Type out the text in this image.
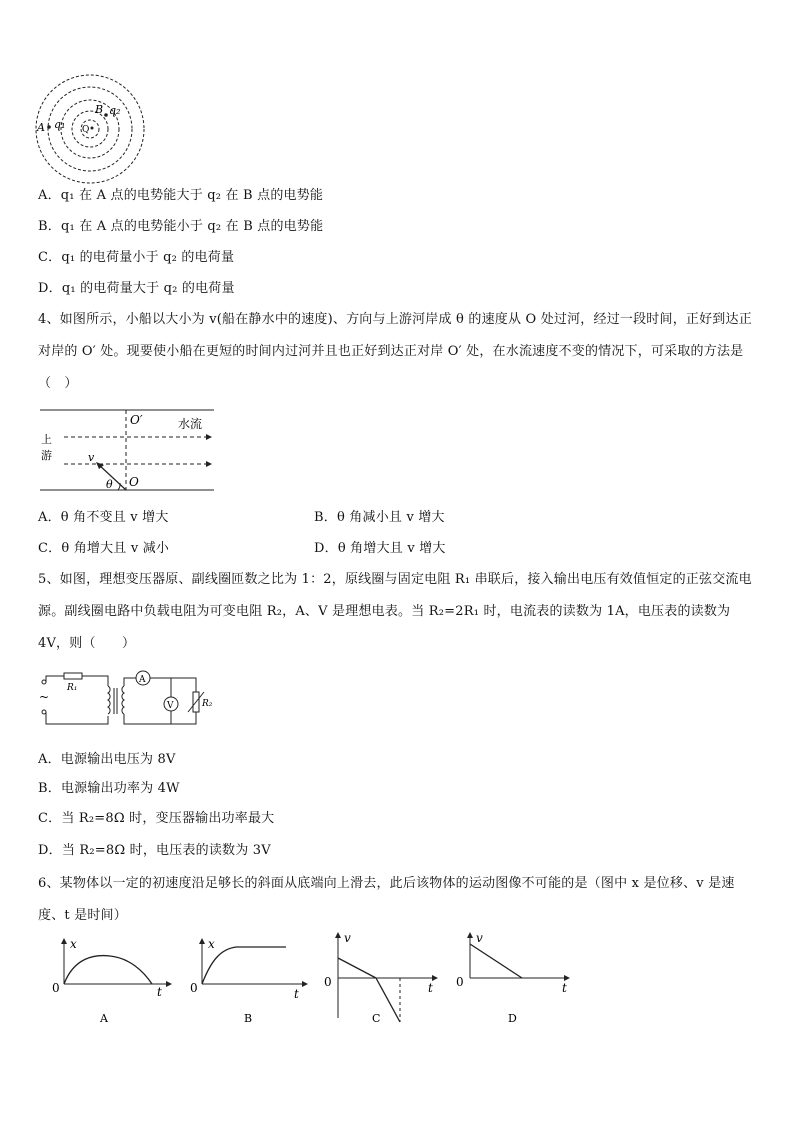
A q₁ Q
B q₂
A．q₁ 在 A 点的电势能大于 q₂ 在 B 点的电势能
B．q₁ 在 A 点的电势能小于 q₂ 在 B 点的电势能
C．q₁ 的电荷量小于 q₂ 的电荷量
D．q₁ 的电荷量大于 q₂ 的电荷量
4、如图所示，小船以大小为 v(船在静水中的速度)、方向与上游河岸成 θ 的速度从 O 处过河，经过一段时间，正好到达正对岸的 O′ 处。现要使小船在更短的时间内过河并且也正好到达正对岸 O′ 处，在水流速度不变的情况下，可采取的方法是（　）
O′	水流
上
游	v
θ O
A．θ 角不变且 v 增大	B．θ 角减小且 v 增大
C．θ 角增大且 v 减小	D．θ 角增大且 v 增大
5、如图，理想变压器原、副线圈匝数之比为 1：2，原线圈与固定电阻 R₁ 串联后，接入输出电压有效值恒定的正弦交流电源。副线圈电路中负载电阻为可变电阻 R₂，A、V 是理想电表。当 R₂=2R₁ 时，电流表的读数为 1A，电压表的读数为 4V，则（　　）
~
A
V
R₁
R₂
A．电源输出电压为 8V
B．电源输出功率为 4W
C．当 R₂=8Ω 时，变压器输出功率最大
D．当 R₂=8Ω 时，电压表的读数为 3V
6、某物体以一定的初速度沿足够长的斜面从底端向上滑去，此后该物体的运动图像不可能的是（图中 x 是位移、v 是速度、t 是时间）
x
t
0
A
x
t
0
B
v
t
0
C
v
t
0
D
